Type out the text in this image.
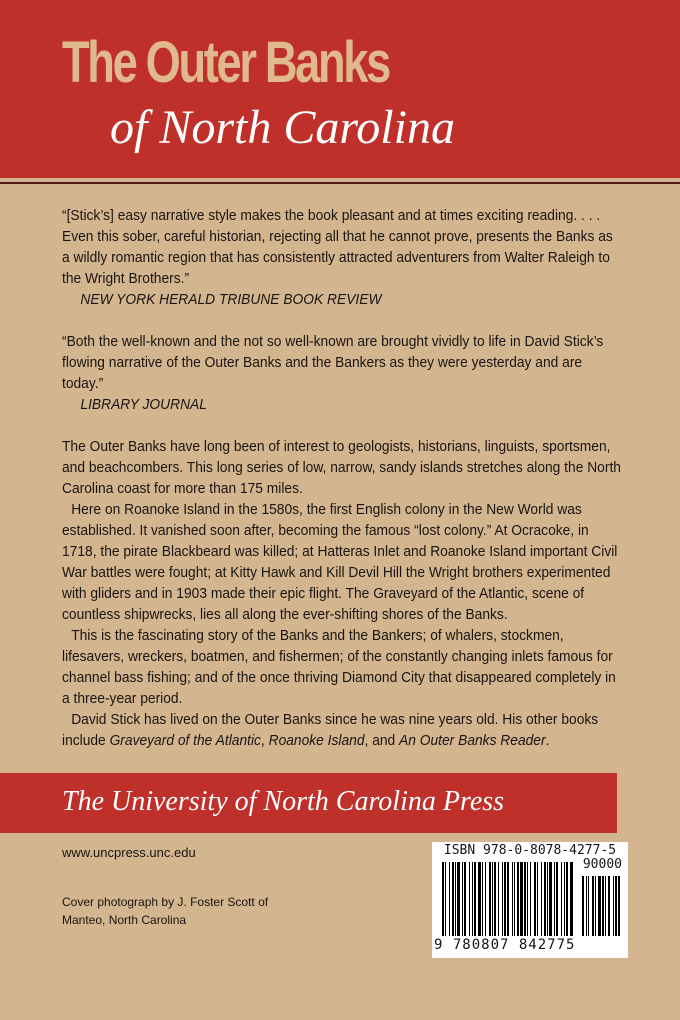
The Outer Banks
of North Carolina

“[Stick’s] easy narrative style makes the book pleasant and at times exciting reading. . . . Even this sober, careful historian, rejecting all that he cannot prove, presents the Banks as a wildly romantic region that has consistently attracted adventurers from Walter Raleigh to the Wright Brothers.”

NEW YORK HERALD TRIBUNE BOOK REVIEW

“Both the well-known and the not so well-known are brought vividly to life in David Stick’s flowing narrative of the Outer Banks and the Bankers as they were yesterday and are today.”

LIBRARY JOURNAL

The Outer Banks have long been of interest to geologists, historians, linguists, sportsmen, and beachcombers. This long series of low, narrow, sandy islands stretches along the North Carolina coast for more than 175 miles.

Here on Roanoke Island in the 1580s, the first English colony in the New World was established. It vanished soon after, becoming the famous “lost colony.” At Ocracoke, in 1718, the pirate Blackbeard was killed; at Hatteras Inlet and Roanoke Island important Civil War battles were fought; at Kitty Hawk and Kill Devil Hill the Wright brothers experimented with gliders and in 1903 made their epic flight. The Graveyard of the Atlantic, scene of countless shipwrecks, lies all along the ever-shifting shores of the Banks.

This is the fascinating story of the Banks and the Bankers; of whalers, stockmen, lifesavers, wreckers, boatmen, and fishermen; of the constantly changing inlets famous for channel bass fishing; and of the once thriving Diamond City that disappeared completely in a three-year period.

David Stick has lived on the Outer Banks since he was nine years old. His other books include Graveyard of the Atlantic, Roanoke Island, and An Outer Banks Reader.

The University of North Carolina Press
www.uncpress.unc.edu
Cover photograph by J. Foster Scott of Manteo, North Carolina
ISBN 978-0-8078-4277-5
90000
9 780807 842775
